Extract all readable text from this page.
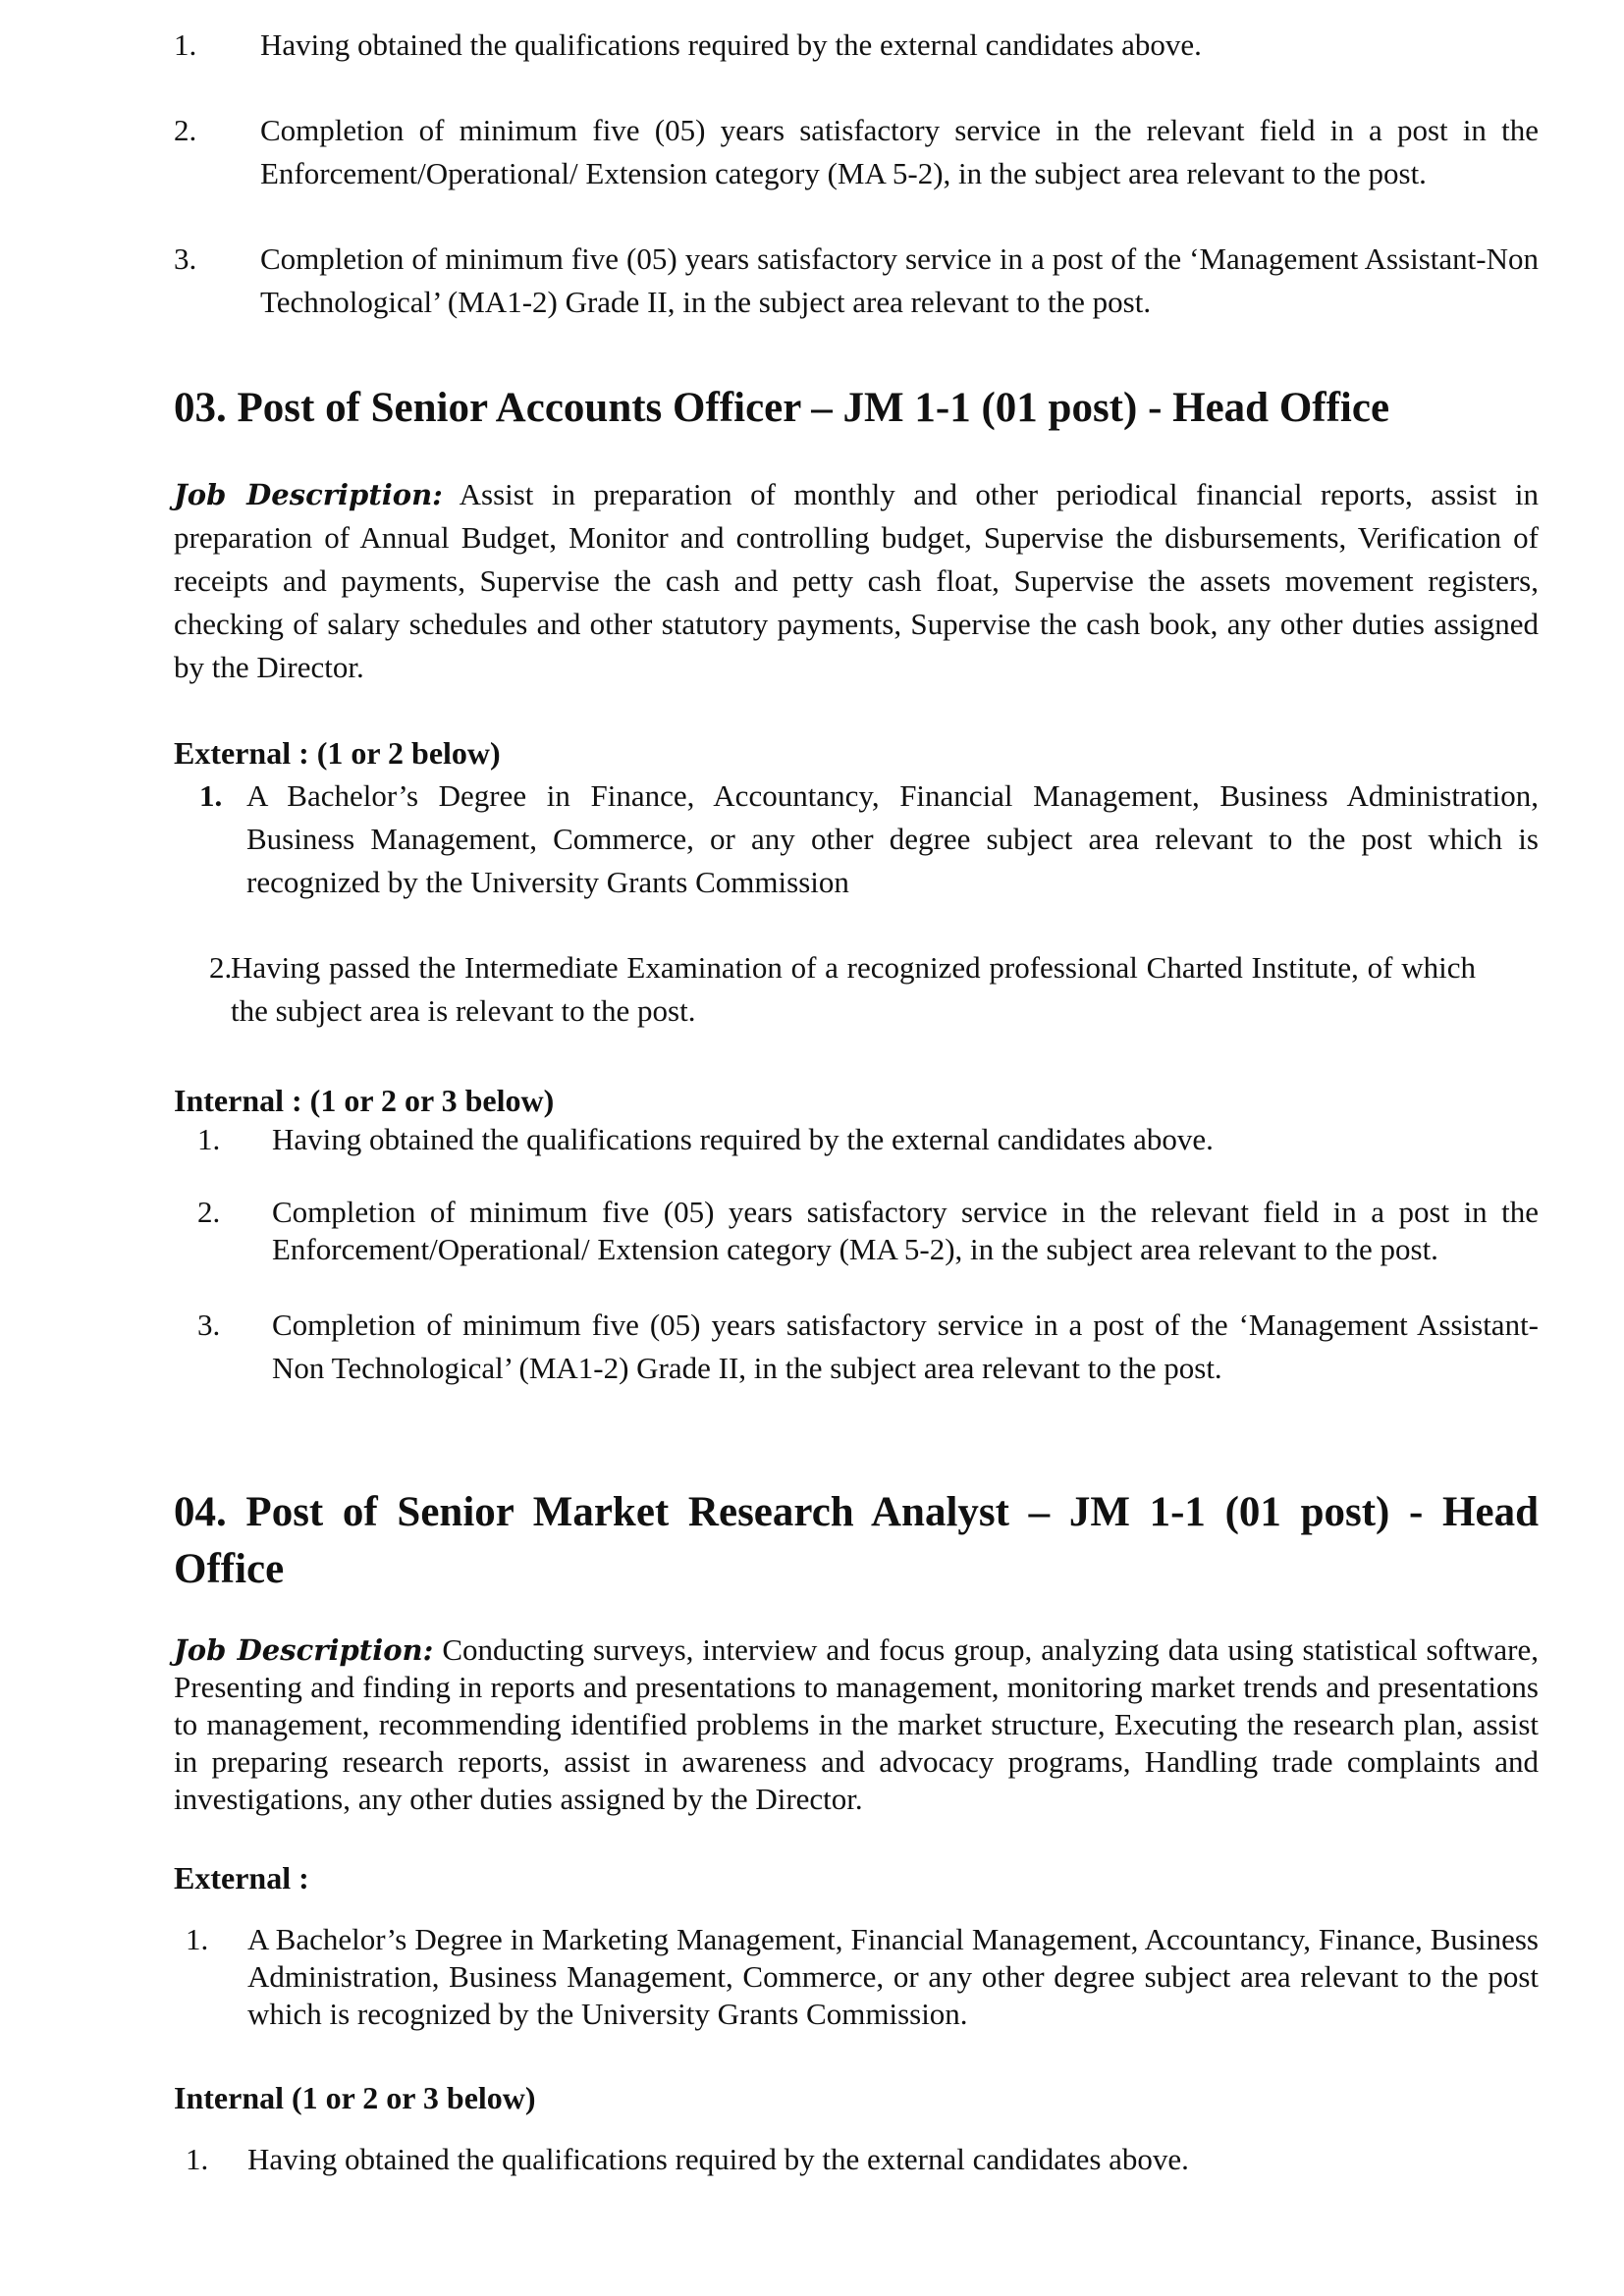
1.	Having obtained the qualifications required by the external candidates above.
2.	Completion of minimum five (05) years satisfactory service in the relevant field in a post in the Enforcement/Operational/ Extension category (MA 5-2), in the subject area relevant to the post.
3.	Completion of minimum five (05) years satisfactory service in a post of the ‘Management Assistant-Non Technological’ (MA1-2) Grade II, in the subject area relevant to the post.
03. Post of Senior Accounts Officer – JM 1-1 (01 post) - Head Office

Job Description: Assist in preparation of monthly and other periodical financial reports, assist in preparation of Annual Budget, Monitor and controlling budget, Supervise the disbursements, Verification of receipts and payments, Supervise the cash and petty cash float, Supervise the assets movement registers, checking of salary schedules and other statutory payments, Supervise the cash book, any other duties assigned by the Director.

External : (1 or 2 below)

1. A Bachelor’s Degree in Finance, Accountancy, Financial Management, Business Administration, Business Management, Commerce, or any other degree subject area relevant to the post which is recognized by the University Grants Commission
2.
Having passed the Intermediate Examination of a recognized professional Charted Institute, of which the subject area is relevant to the post.

Internal : (1 or 2 or 3 below)

1.	Having obtained the qualifications required by the external candidates above.
2.	Completion of minimum five (05) years satisfactory service in the relevant field in a post in the Enforcement/Operational/ Extension category (MA 5-2), in the subject area relevant to the post.
3.	Completion of minimum five (05) years satisfactory service in a post of the ‘Management Assistant-Non Technological’ (MA1-2) Grade II, in the subject area relevant to the post.
04. Post of Senior Market Research Analyst – JM 1-1 (01 post) - Head Office

Job Description: Conducting surveys, interview and focus group, analyzing data using statistical software, Presenting and finding in reports and presentations to management, monitoring market trends and presentations to management, recommending identified problems in the market structure, Executing the research plan, assist in preparing research reports, assist in awareness and advocacy programs, Handling trade complaints and investigations, any other duties assigned by the Director.

External :

1.	A Bachelor’s Degree in Marketing Management, Financial Management, Accountancy, Finance, Business Administration, Business Management, Commerce, or any other degree subject area relevant to the post which is recognized by the University Grants Commission.

Internal (1 or 2 or 3 below)

1.	Having obtained the qualifications required by the external candidates above.
